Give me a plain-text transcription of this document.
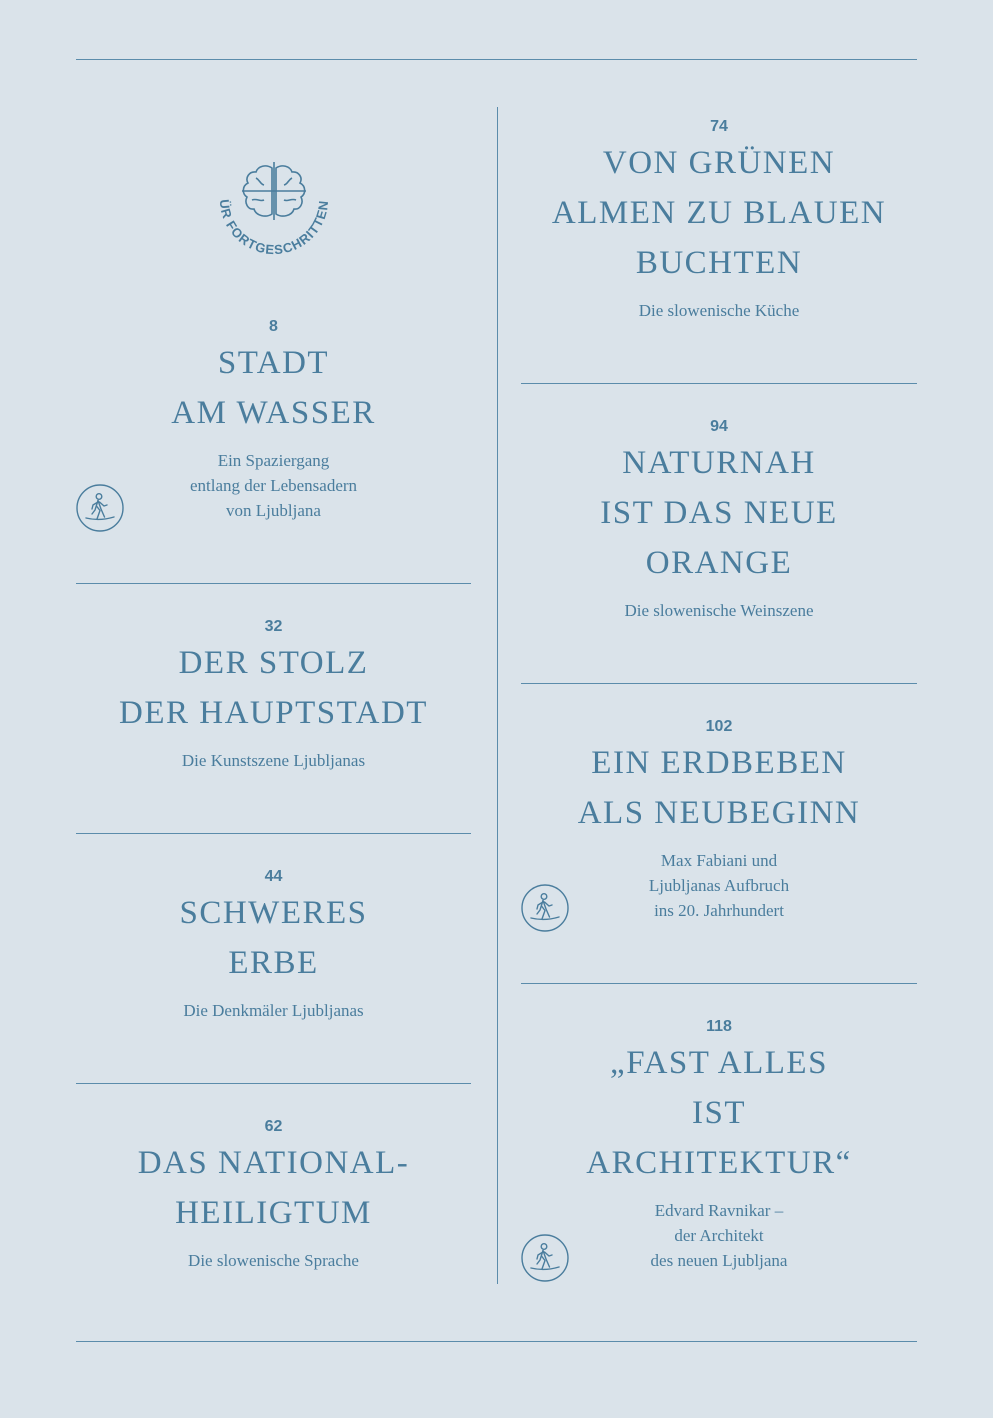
ÜR FORTGESCHRITTEN
8
STADT
AM WASSER
Ein Spaziergang
entlang der Lebensadern
von Ljubljana
32
DER STOLZ
DER HAUPTSTADT
Die Kunstszene Ljubljanas
44
SCHWERES
ERBE
Die Denkmäler Ljubljanas
62
DAS NATIONAL-
HEILIGTUM
Die slowenische Sprache
74
VON GRÜNEN
ALMEN ZU BLAUEN
BUCHTEN
Die slowenische Küche
94
NATURNAH
IST DAS NEUE
ORANGE
Die slowenische Weinszene
102
EIN ERDBEBEN
ALS NEUBEGINN
Max Fabiani und
Ljubljanas Aufbruch
ins 20. Jahrhundert
118
„FAST ALLES
IST
ARCHITEKTUR“
Edvard Ravnikar –
der Architekt
des neuen Ljubljana
